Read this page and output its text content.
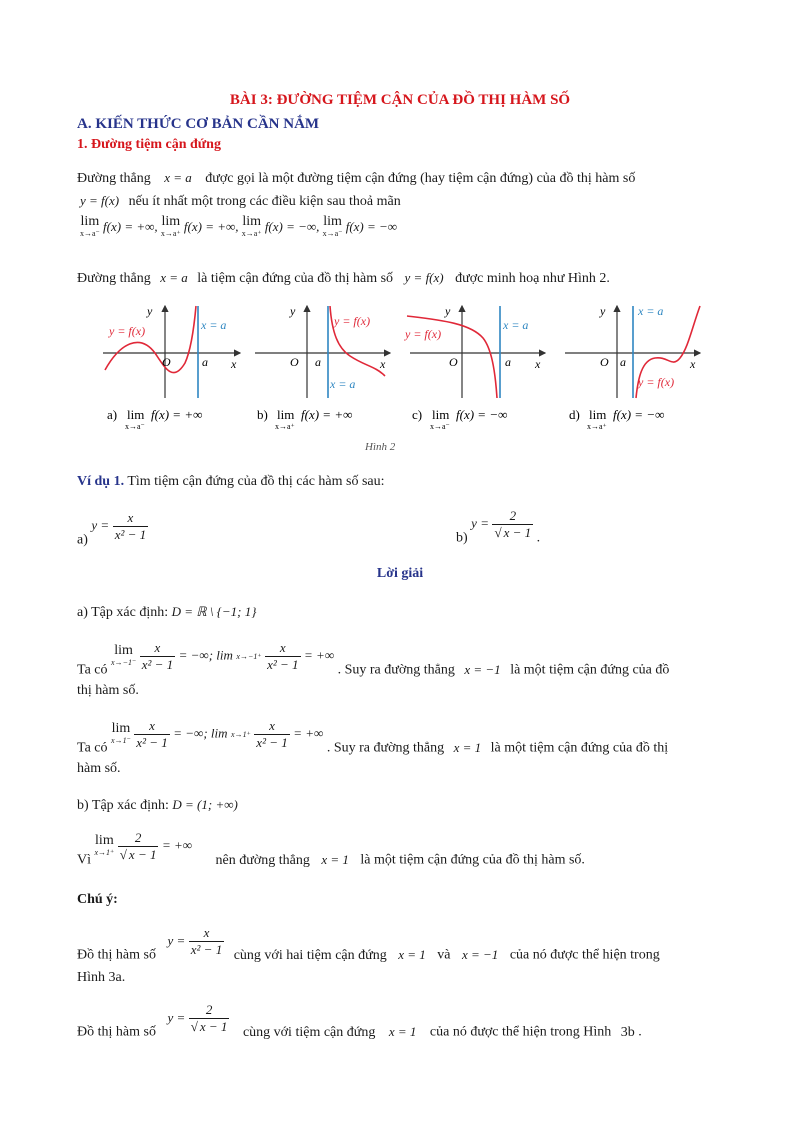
BÀI 3: ĐƯỜNG TIỆM CẬN CỦA ĐỒ THỊ HÀM SỐ
A. KIẾN THỨC CƠ BẢN CẦN NẮM
1. Đường tiệm cận đứng
Đường thẳng x = a được gọi là một đường tiệm cận đứng (hay tiệm cận đứng) của đồ thị hàm số
y = f(x) nếu ít nhất một trong các điều kiện sau thoả mãn
lim
x→a⁻ f(x) = +∞, lim
x→a⁺ f(x) = +∞, lim
x→a⁺ f(x) = −∞, lim
x→a⁻ f(x) = −∞
Đường thẳng x = a là tiệm cận đứng của đồ thị hàm số y = f(x) được minh hoạ như Hình 2.
y = f(x)	x = a
y
x
O	a
y = f(x)
x = a
y
x
O a
y = f(x)
x = a
y
x
O	a
x = a
y = f(x)
y
x
O a
a) lim
x→a⁻
f(x) = +∞	b) lim
x→a⁺
f(x) = +∞	c) lim
x→a⁻
f(x) = −∞	d) lim
x→a⁺
f(x) = −∞
Hình 2
Ví dụ 1. Tìm tiệm cận đứng của đồ thị các hàm số sau:
a) $y = \frac{x}{\text{x² − 1}}$	b) $y = \frac{2}{√ x - 1}$ .
Lời giải
a) Tập xác định: D = ℝ \ {−1; 1}
Ta có
lim
x→−1⁻
$\frac{x}{\text{x² − 1}}$ = −∞; lim x→−1⁺
$\frac{x}{\text{x² − 1}}$ = +∞ . Suy ra đường thẳng x = −1 là một tiệm cận đứng của đồ
thị hàm số.
Ta có
lim
x→1⁻
$\frac{x}{\text{x² − 1}}$ = −∞; lim x→1⁺
$\frac{x}{\text{x² − 1}}$ = +∞ . Suy ra đường thẳng x = 1 là một tiệm cận đứng của đồ thị
hàm số.
b) Tập xác định: D = (1; +∞)
Vì
lim
x→1⁺
$\frac{2}{√ x - 1}$ = +∞ nên đường thẳng x = 1 là một tiệm cận đứng của đồ thị hàm số.
Chú ý:
Đồ thị hàm số $y = \frac{x}{\text{x² − 1}}$ cùng với hai tiệm cận đứng x = 1 và x = −1 của nó được thể hiện trong
Hình 3a.
Đồ thị hàm số $y = \frac{2}{√ x - 1}$ cùng với tiệm cận đứng x = 1 của nó được thể hiện trong Hình 3b .
